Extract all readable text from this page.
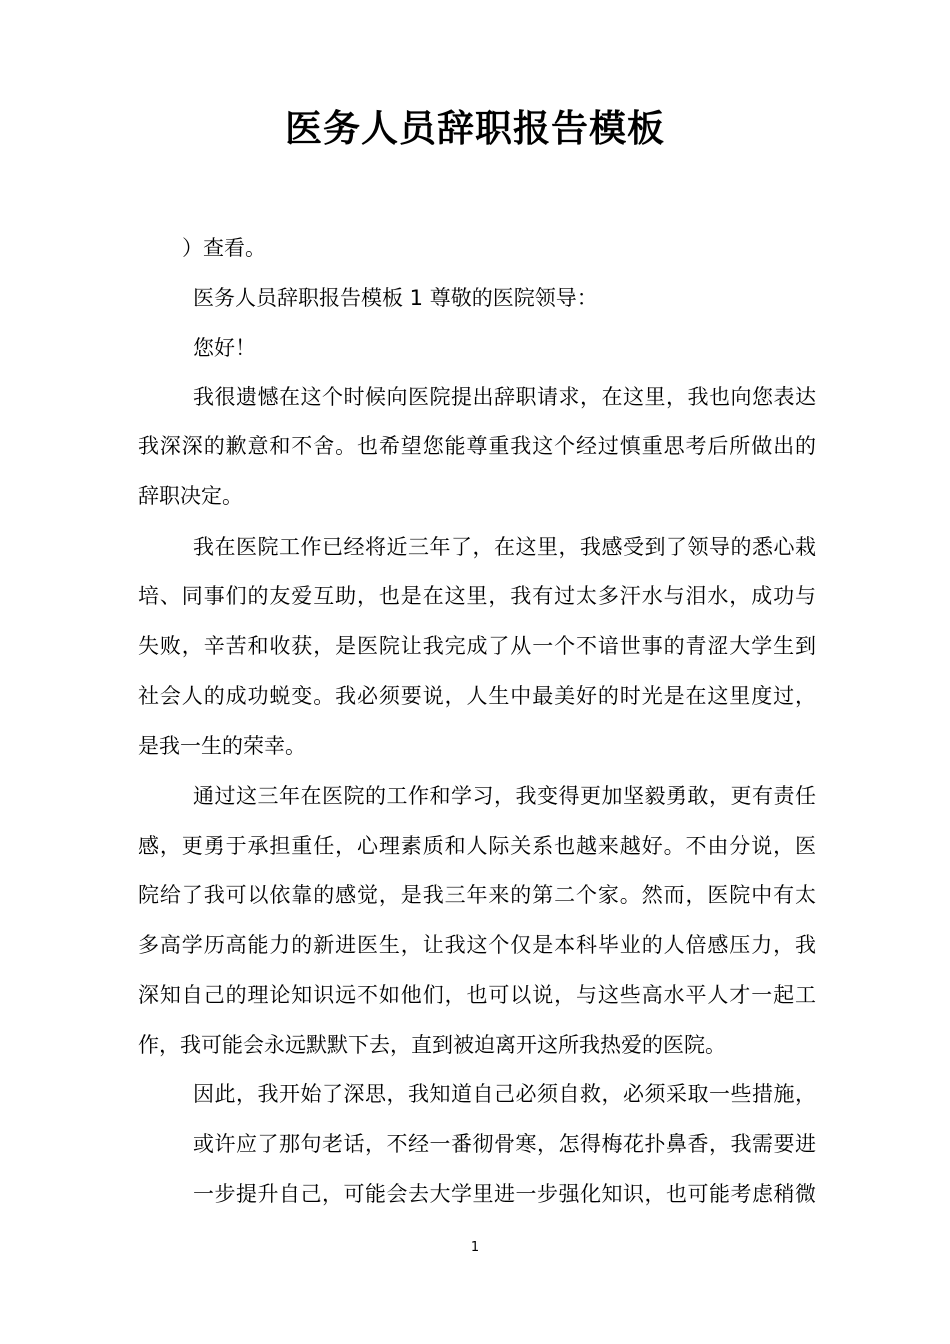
医务人员辞职报告模板
）查看。
医务人员辞职报告模板 1 尊敬的医院领导：
您好！
我很遗憾在这个时候向医院提出辞职请求，在这里，我也向您表达
我深深的歉意和不舍。也希望您能尊重我这个经过慎重思考后所做出的
辞职决定。
我在医院工作已经将近三年了，在这里，我感受到了领导的悉心栽
培、同事们的友爱互助，也是在这里，我有过太多汗水与泪水，成功与
失败，辛苦和收获，是医院让我完成了从一个不谙世事的青涩大学生到
社会人的成功蜕变。我必须要说，人生中最美好的时光是在这里度过，
是我一生的荣幸。
通过这三年在医院的工作和学习，我变得更加坚毅勇敢，更有责任
感，更勇于承担重任，心理素质和人际关系也越来越好。不由分说，医
院给了我可以依靠的感觉，是我三年来的第二个家。然而，医院中有太
多高学历高能力的新进医生，让我这个仅是本科毕业的人倍感压力，我
深知自己的理论知识远不如他们，也可以说，与这些高水平人才一起工
作，我可能会永远默默下去，直到被迫离开这所我热爱的医院。
因此，我开始了深思，我知道自己必须自救，必须采取一些措施，
或许应了那句老话，不经一番彻骨寒，怎得梅花扑鼻香，我需要进
一步提升自己，可能会去大学里进一步强化知识，也可能考虑稍微
1
